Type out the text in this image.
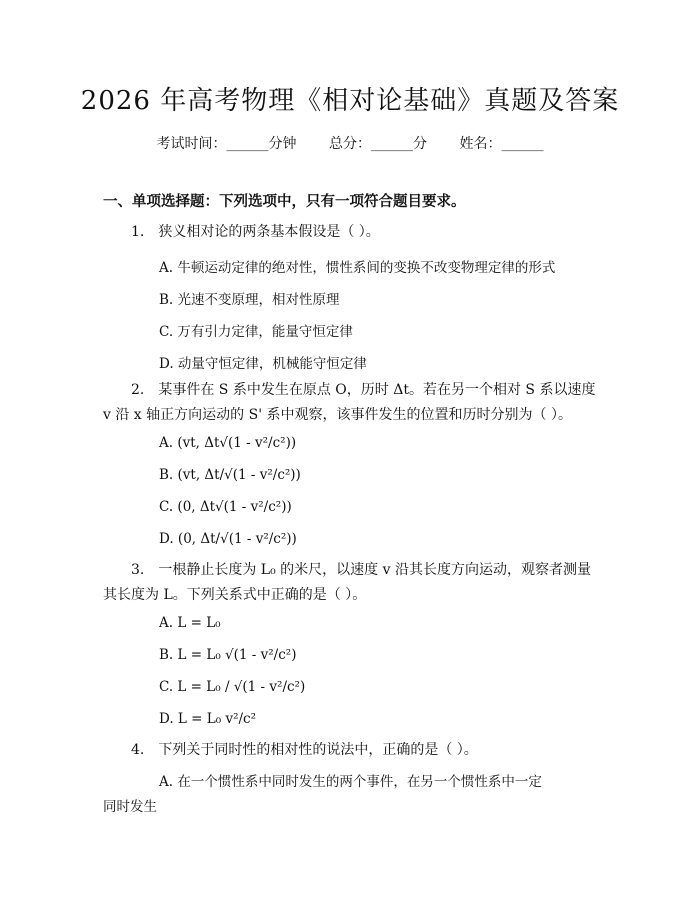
2026 年高考物理《相对论基础》真题及答案
考试时间：______分钟 总分：______分 姓名：______
一、单项选择题：下列选项中，只有一项符合题目要求。
1.　狭义相对论的两条基本假设是（ ）。
A. 牛顿运动定律的绝对性，惯性系间的变换不改变物理定律的形式
B. 光速不变原理，相对性原理
C. 万有引力定律，能量守恒定律
D. 动量守恒定律，机械能守恒定律
2.　某事件在 S 系中发生在原点 O，历时 Δt。若在另一个相对 S 系以速度 v 沿 x 轴正方向运动的 S' 系中观察，该事件发生的位置和历时分别为（ ）。
A. (vt, Δt√(1 - v²/c²))
B. (vt, Δt/√(1 - v²/c²))
C. (0, Δt√(1 - v²/c²))
D. (0, Δt/√(1 - v²/c²))
3.　一根静止长度为 L₀ 的米尺，以速度 v 沿其长度方向运动，观察者测量其长度为 L。下列关系式中正确的是（ ）。
A. L = L₀
B. L = L₀ √(1 - v²/c²)
C. L = L₀ / √(1 - v²/c²)
D. L = L₀ v²/c²
4.　下列关于同时性的相对性的说法中，正确的是（ ）。
A. 在一个惯性系中同时发生的两个事件，在另一个惯性系中一定同时发生
